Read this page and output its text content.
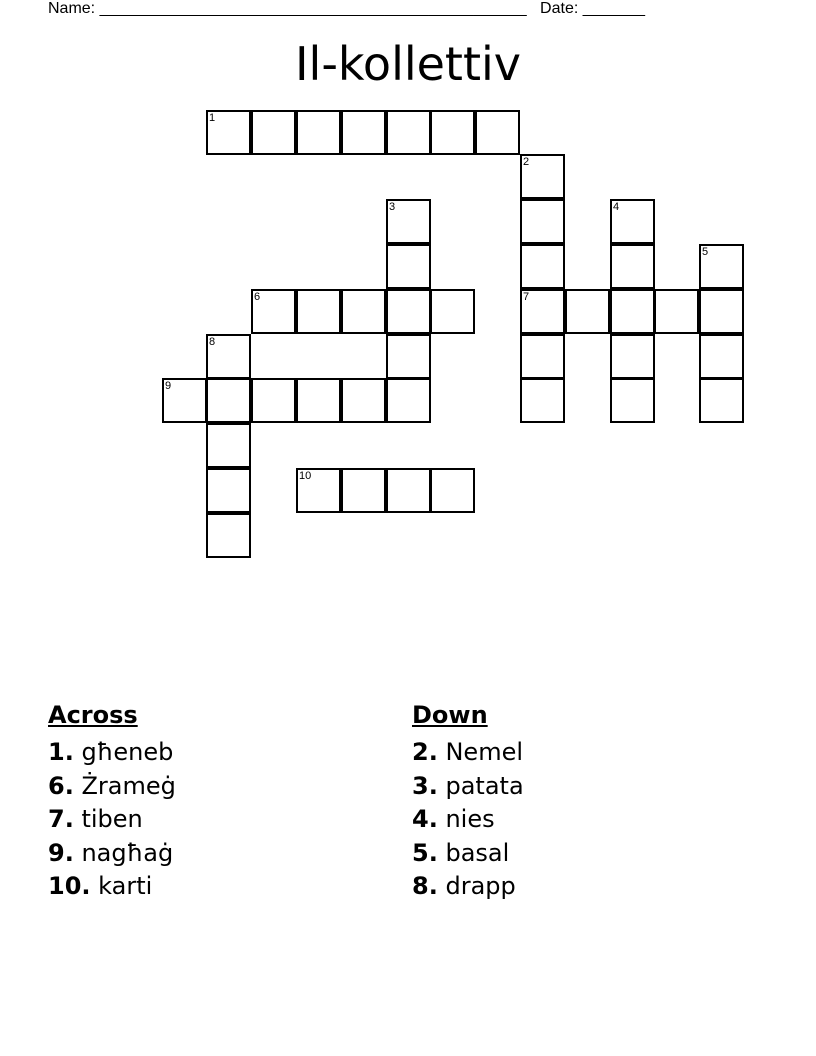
Name: ________________________________________________ Date: _______
Il-kollettiv
1
2
7
3	4
5
6
8
9
10
Across
1. għeneb
6. Żrameġ
7. tiben
9. nagħaġ
10. karti
Down
2. Nemel
3. patata
4. nies
5. basal
8. drapp
